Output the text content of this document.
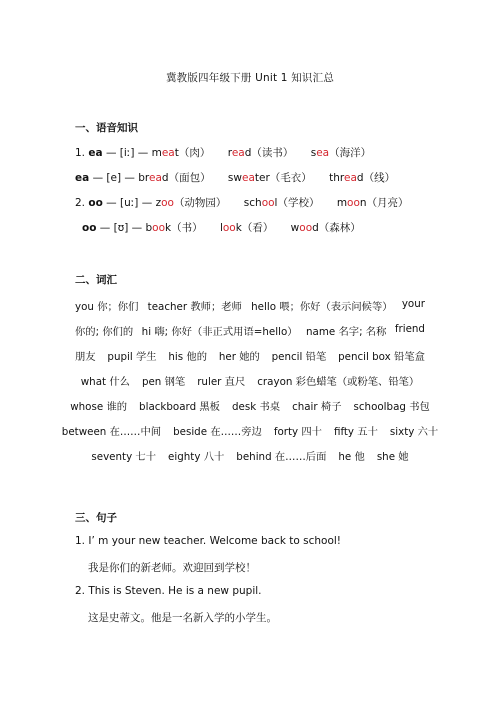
冀教版四年级下册 Unit 1 知识汇总
一、语音知识
1. ea — [iː] — meat（肉） read（读书） sea（海洋）
ea — [e] — bread（面包） sweater（毛衣） thread（线）
2. oo — [uː] — zoo（动物园） school（学校） moon（月亮）
oo — [ʊ] — book（书） look（看） wood（森林）
二、词汇
you 你；你们 teacher 教师；老师 hello 喂；你好（表示问候等） your
你的; 你们的 hi 嗨; 你好（非正式用语=hello） name 名字; 名称 friend
朋友 pupil 学生 his 他的 her 她的 pencil 铅笔 pencil box 铅笔盒
what 什么 pen 钢笔 ruler 直尺 crayon 彩色蜡笔（或粉笔、铅笔）
whose 谁的 blackboard 黑板 desk 书桌 chair 椅子 schoolbag 书包
between 在……中间 beside 在……旁边 forty 四十 fifty 五十 sixty 六十
seventy 七十 eighty 八十 behind 在……后面 he 他 she 她
三、句子
1. I’ m your new teacher. Welcome back to school!
我是你们的新老师。欢迎回到学校！
2. This is Steven. He is a new pupil.
这是史蒂文。他是一名新入学的小学生。
